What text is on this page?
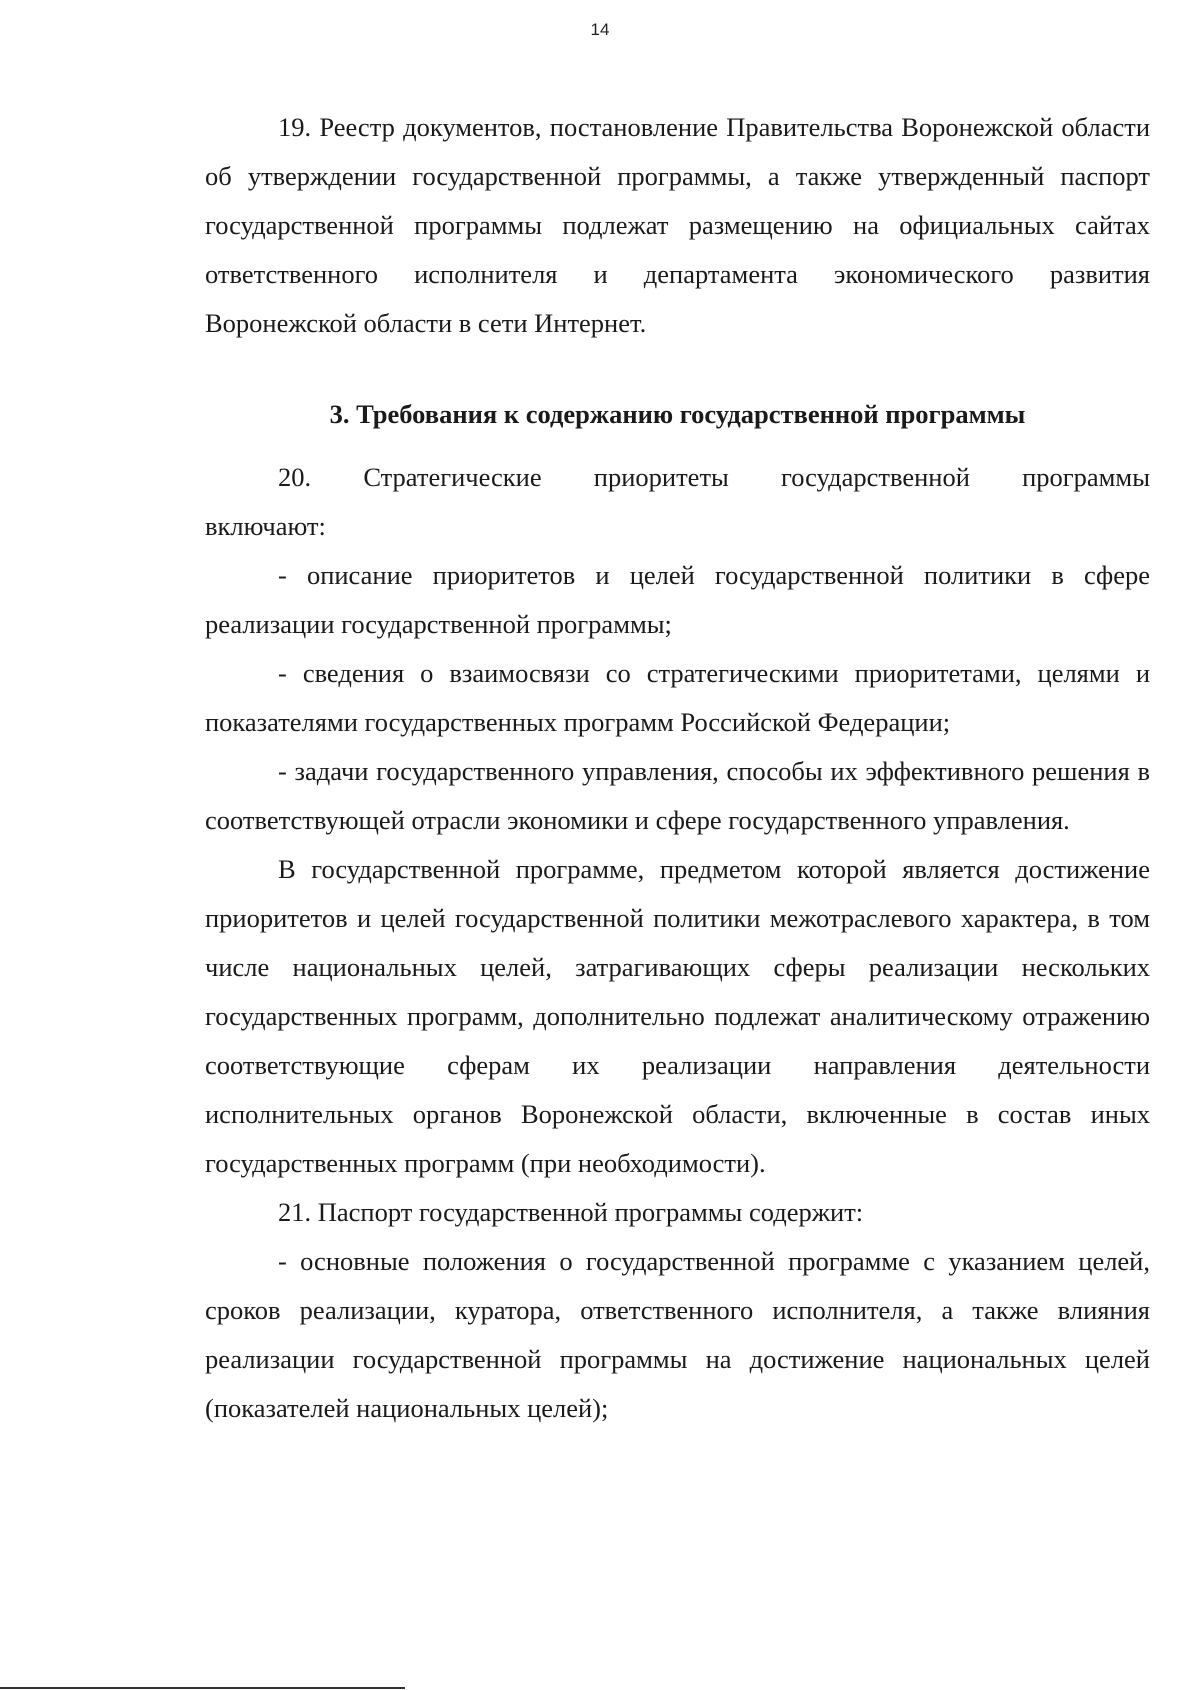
14

19. Реестр документов, постановление Правительства Воронежской области об утверждении государственной программы, а также утвержденный паспорт государственной программы подлежат размещению на официальных сайтах ответственного исполнителя и департамента экономического развития Воронежской области в сети Интернет.

3. Требования к содержанию государственной программы

20. Стратегические приоритеты государственной программы включают:

- описание приоритетов и целей государственной политики в сфере реализации государственной программы;

- сведения о взаимосвязи со стратегическими приоритетами, целями и показателями государственных программ Российской Федерации;

- задачи государственного управления, способы их эффективного решения в соответствующей отрасли экономики и сфере государственного управления.

В государственной программе, предметом которой является достижение приоритетов и целей государственной политики межотраслевого характера, в том числе национальных целей, затрагивающих сферы реализации нескольких государственных программ, дополнительно подлежат аналитическому отражению соответствующие сферам их реализации направления деятельности исполнительных органов Воронежской области, включенные в состав иных государственных программ (при необходимости).

21. Паспорт государственной программы содержит:

- основные положения о государственной программе с указанием целей, сроков реализации, куратора, ответственного исполнителя, а также влияния реализации государственной программы на достижение национальных целей (показателей национальных целей);
